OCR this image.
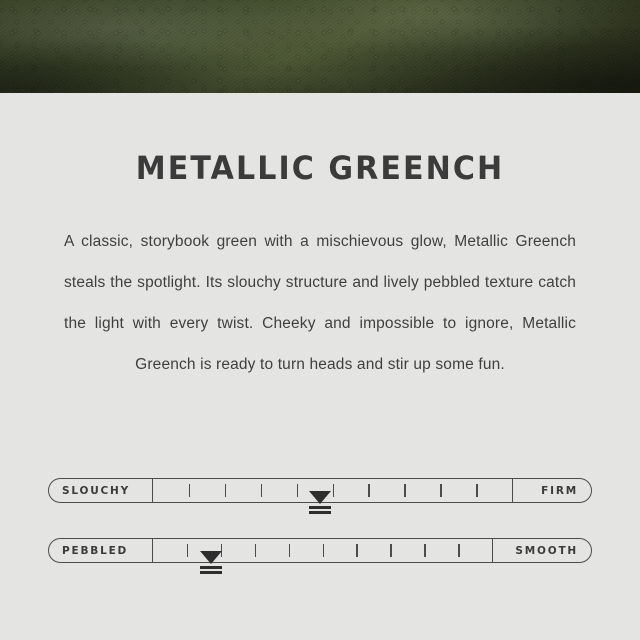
METALLIC GREENCH

A classic, storybook green with a mischievous glow, Metallic Greench steals the spotlight. Its slouchy structure and lively pebbled texture catch the light with every twist. Cheeky and impossible to ignore, Metallic Greench is ready to turn heads and stir up some fun.

SLOUCHY	FIRM
PEBBLED	SMOOTH
